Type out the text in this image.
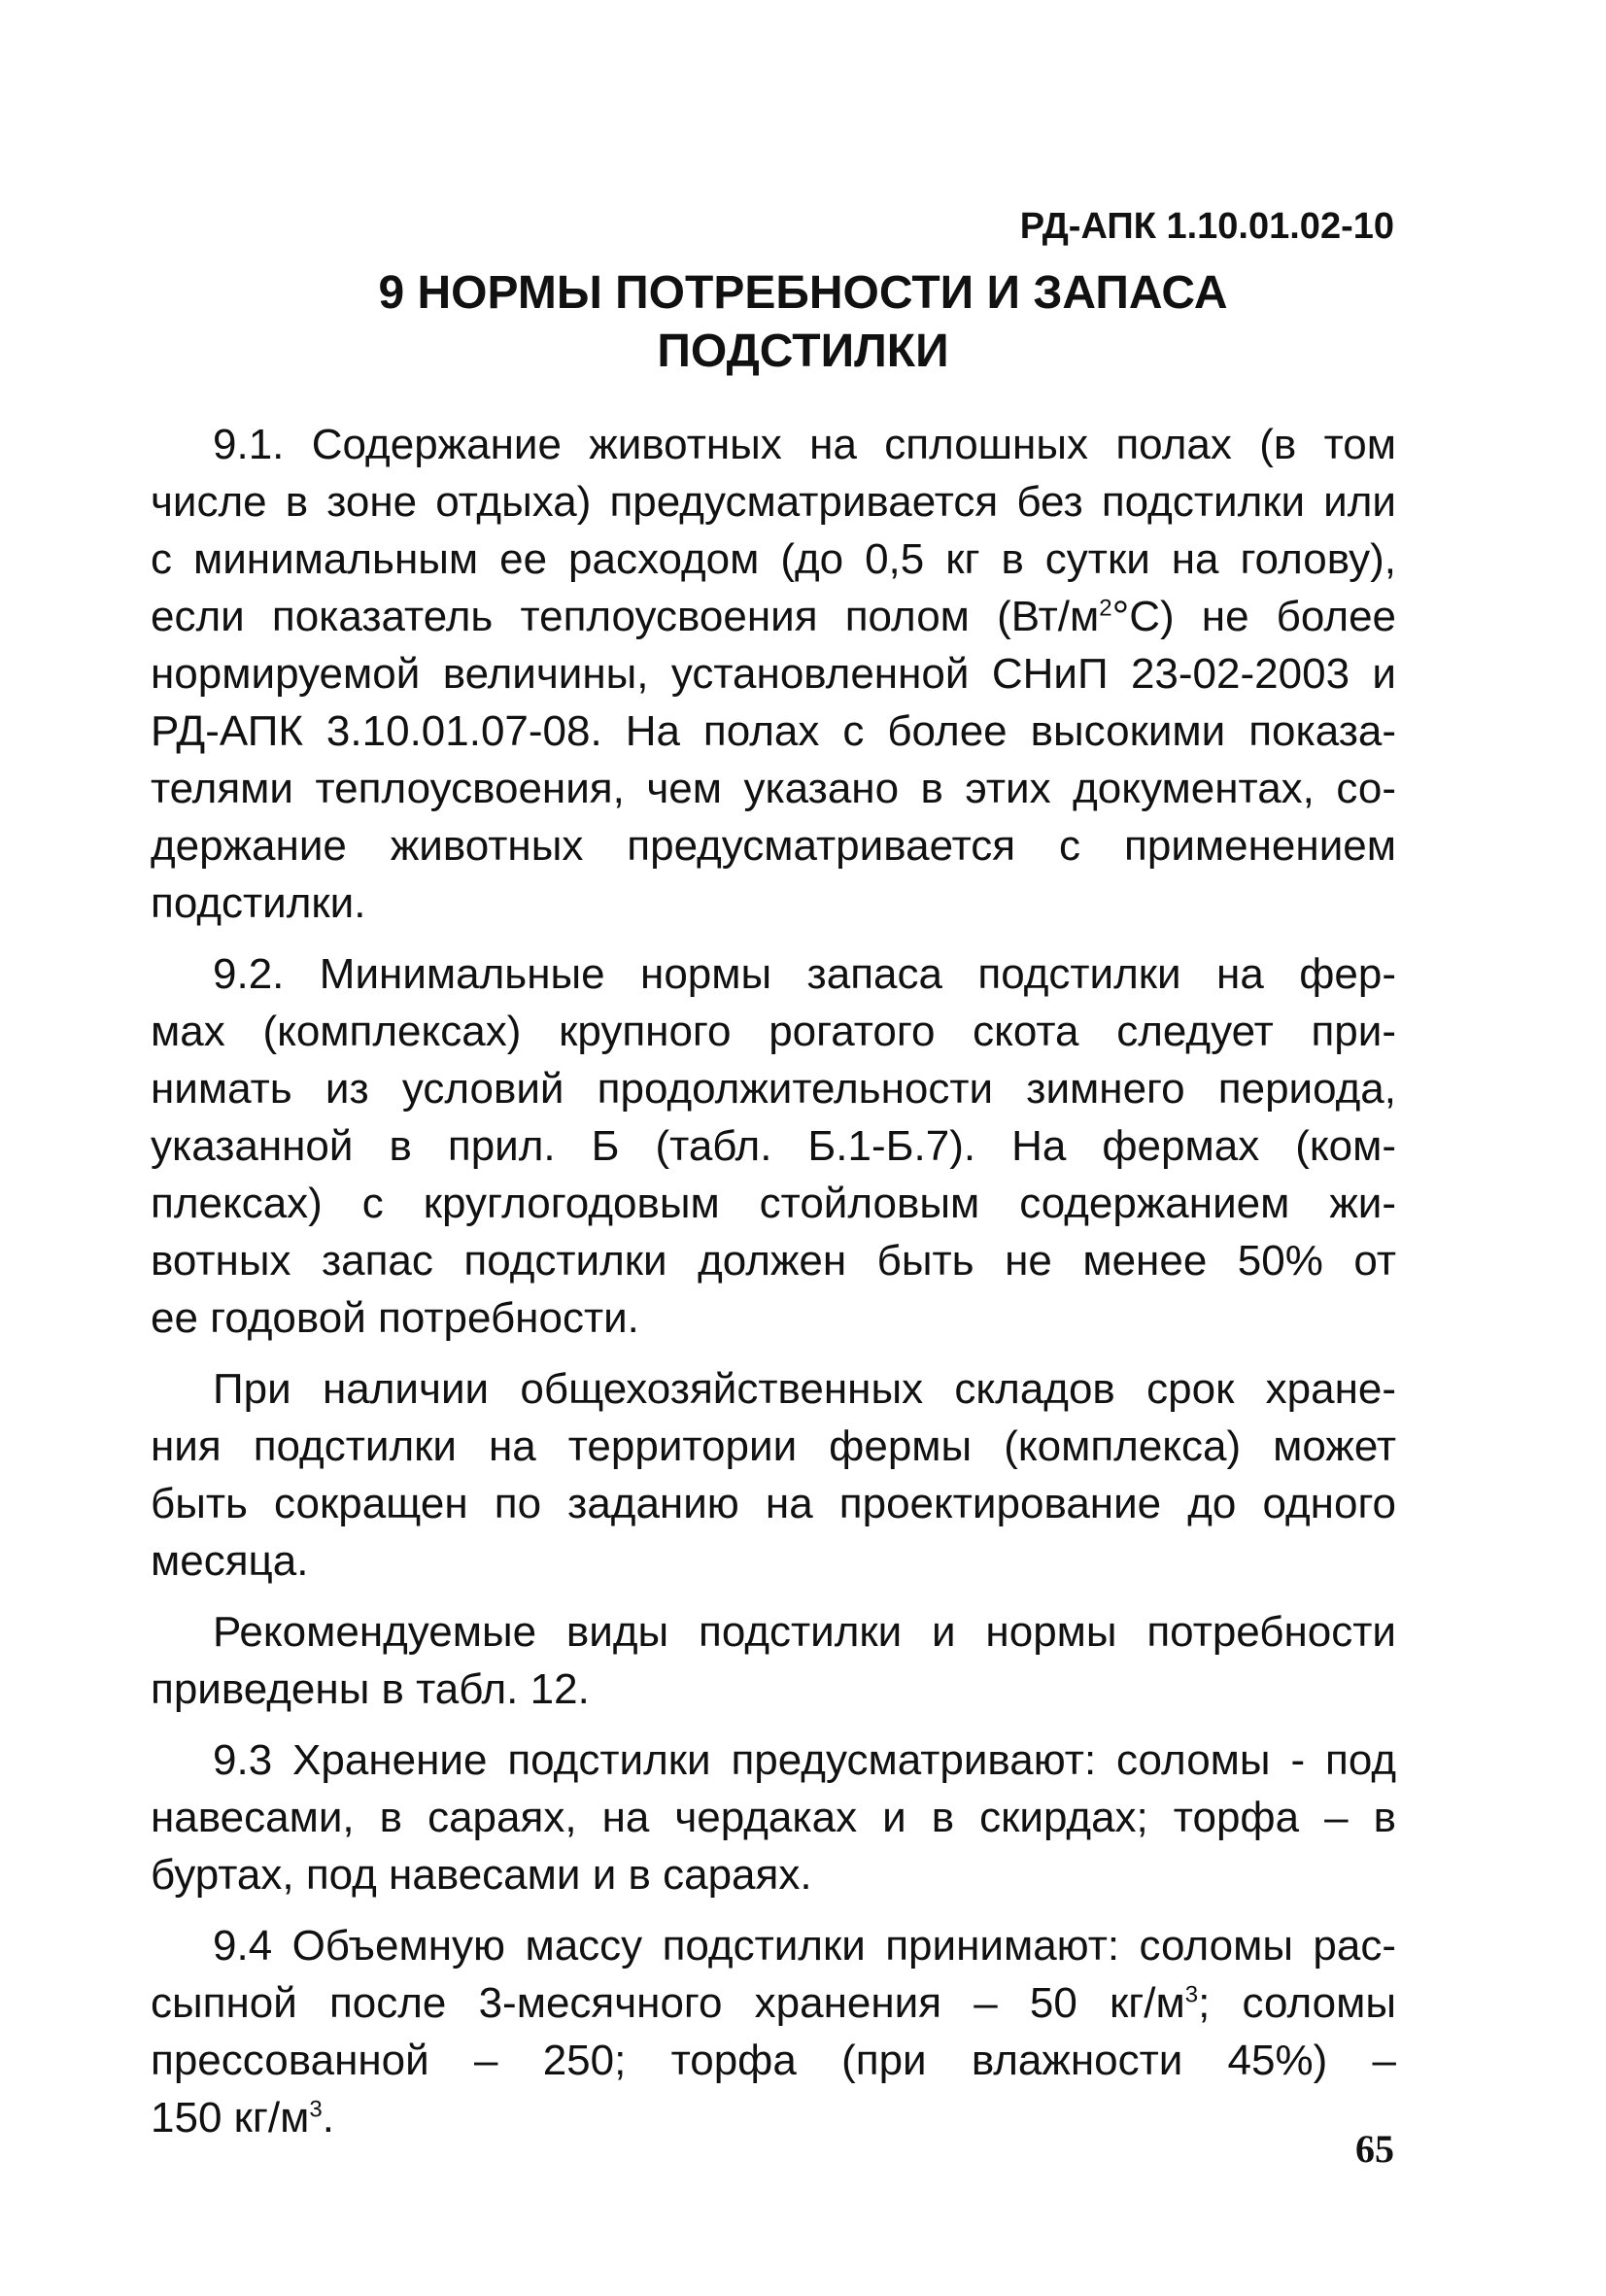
РД-АПК 1.10.01.02-10
9 НОРМЫ ПОТРЕБНОСТИ И ЗАПАСА
ПОДСТИЛКИ
9.1. Содержание животных на сплошных полах (в том
числе в зоне отдыха) предусматривается без подстилки или
с минимальным ее расходом (до 0,5 кг в сутки на голову),
если показатель теплоусвоения полом $(Вт/м^2^\circ С)$ не более
нормируемой величины, установленной СНиП 23-02-2003 и
РД-АПК 3.10.01.07-08. На полах с более высокими показа-
телями теплоусвоения, чем указано в этих документах, со-
держание животных предусматривается с применением
подстилки.
9.2. Минимальные нормы запаса подстилки на фер-
мах (комплексах) крупного рогатого скота следует при-
нимать из условий продолжительности зимнего периода,
указанной в прил. Б (табл. Б.1-Б.7). На фермах (ком-
плексах) с круглогодовым стойловым содержанием жи-
вотных запас подстилки должен быть не менее 50% от
ее годовой потребности.
При наличии общехозяйственных складов срок хране-
ния подстилки на территории фермы (комплекса) может
быть сокращен по заданию на проектирование до одного
месяца.
Рекомендуемые виды подстилки и нормы потребности
приведены в табл. 12.
9.3 Хранение подстилки предусматривают: соломы - под
навесами, в сараях, на чердаках и в скирдах; торфа – в
буртах, под навесами и в сараях.
9.4 Объемную массу подстилки принимают: соломы рас-
сыпной после 3-месячного хранения – 50 $кг/м^3$; соломы
прессованной – 250; торфа (при влажности 45%) –
150 $кг/м^3$.
65
